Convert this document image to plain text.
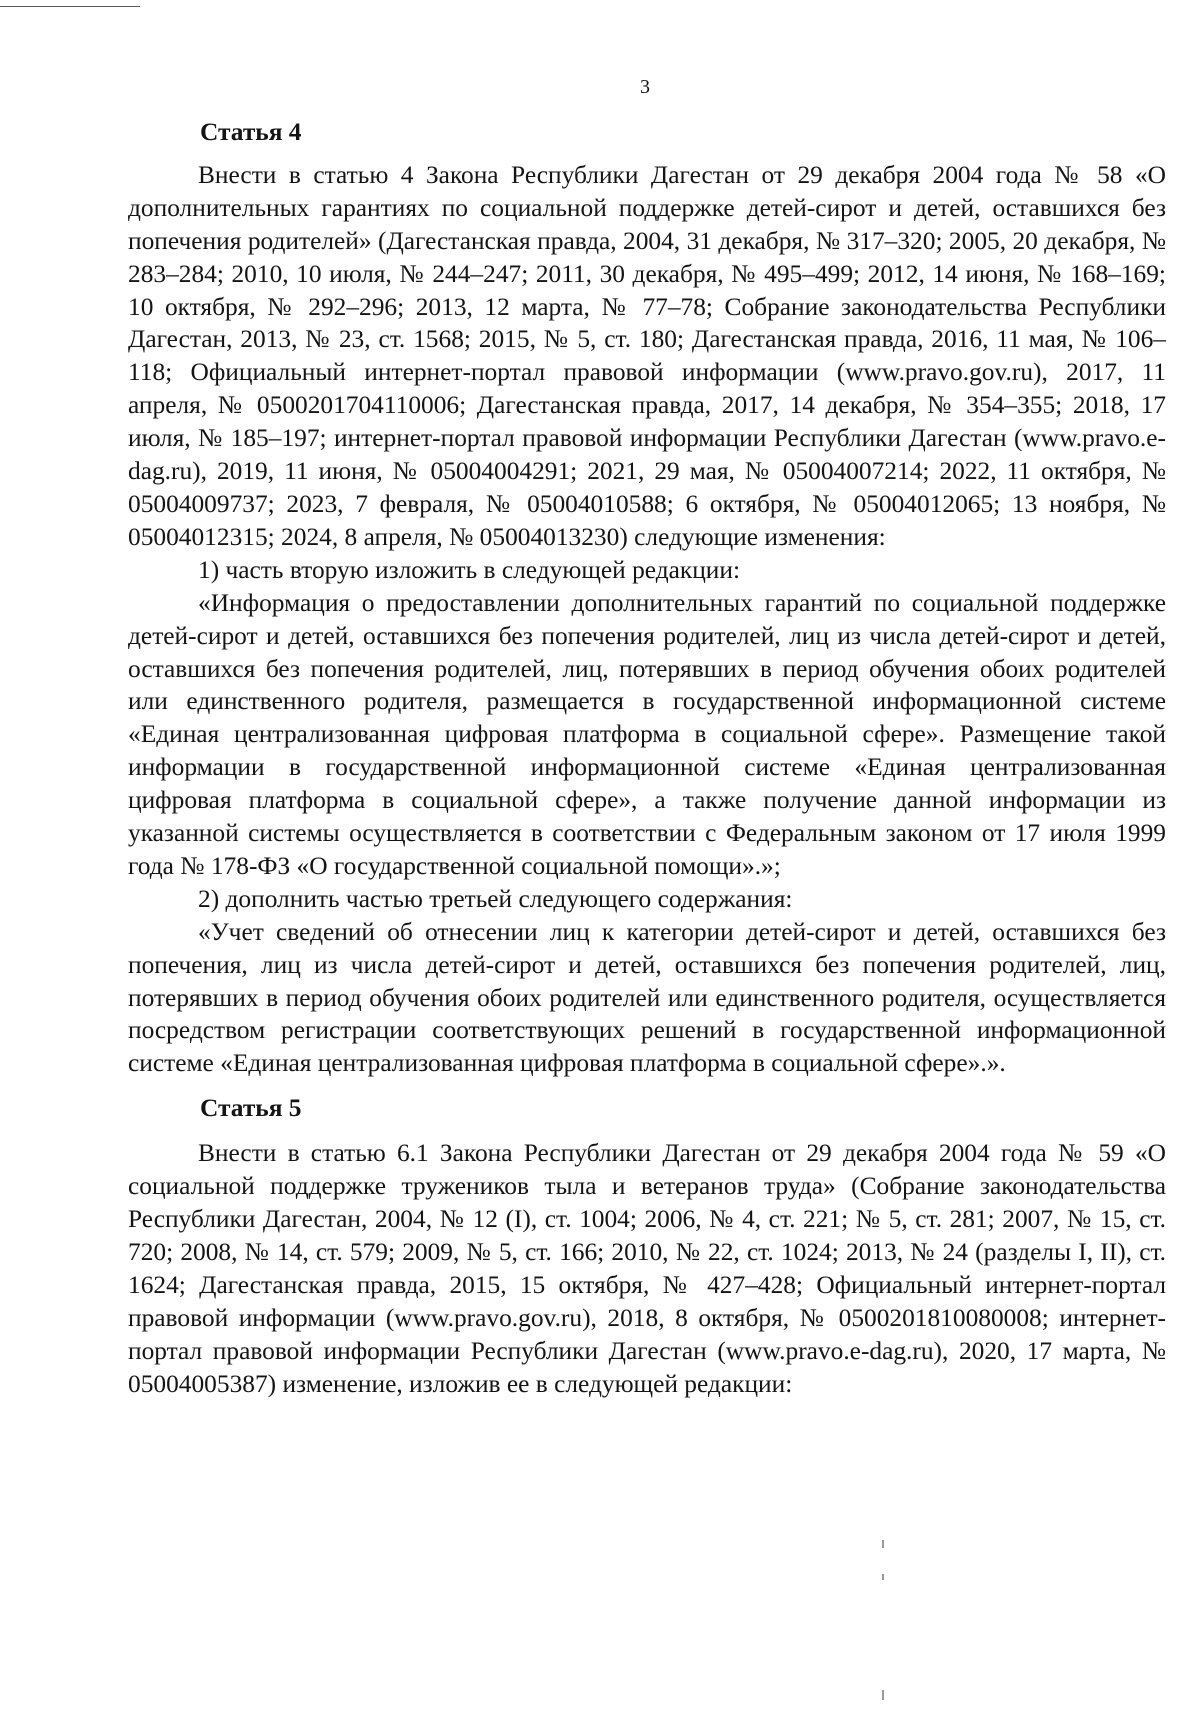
3

Статья 4

Внести в статью 4 Закона Республики Дагестан от 29 декабря 2004 года № 58 «О дополнительных гарантиях по социальной поддержке детей-сирот и детей, оставшихся без попечения родителей» (Дагестанская правда, 2004, 31 декабря, № 317–320; 2005, 20 декабря, № 283–284; 2010, 10 июля, № 244–247; 2011, 30 декабря, № 495–499; 2012, 14 июня, № 168–169; 10 октября, № 292–296; 2013, 12 марта, № 77–78; Собрание законодательства Республики Дагестан, 2013, № 23, ст. 1568; 2015, № 5, ст. 180; Дагестанская правда, 2016, 11 мая, № 106–118; Официальный интернет-портал правовой информации (www.pravo.gov.ru), 2017, 11 апреля, № 0500201704110006; Дагестанская правда, 2017, 14 декабря, № 354–355; 2018, 17 июля, № 185–197; интернет-портал правовой информации Республики Дагестан (www.pravo.e-dag.ru), 2019, 11 июня, № 05004004291; 2021, 29 мая, № 05004007214; 2022, 11 октября, № 05004009737; 2023, 7 февраля, № 05004010588; 6 октября, № 05004012065; 13 ноября, № 05004012315; 2024, 8 апреля, № 05004013230) следующие изменения:

1) часть вторую изложить в следующей редакции:

«Информация о предоставлении дополнительных гарантий по социальной поддержке детей-сирот и детей, оставшихся без попечения родителей, лиц из числа детей-сирот и детей, оставшихся без попечения родителей, лиц, потерявших в период обучения обоих родителей или единственного родителя, размещается в государственной информационной системе «Единая централизованная цифровая платформа в социальной сфере». Размещение такой информации в государственной информационной системе «Единая централизованная цифровая платформа в социальной сфере», а также получение данной информации из указанной системы осуществляется в соответствии с Федеральным законом от 17 июля 1999 года № 178-ФЗ «О государственной социальной помощи».»;

2) дополнить частью третьей следующего содержания:

«Учет сведений об отнесении лиц к категории детей-сирот и детей, оставшихся без попечения, лиц из числа детей-сирот и детей, оставшихся без попечения родителей, лиц, потерявших в период обучения обоих родителей или единственного родителя, осуществляется посредством регистрации соответствующих решений в государственной информационной системе «Единая централизованная цифровая платформа в социальной сфере».».

Статья 5

Внести в статью 6.1 Закона Республики Дагестан от 29 декабря 2004 года № 59 «О социальной поддержке тружеников тыла и ветеранов труда» (Собрание законодательства Республики Дагестан, 2004, № 12 (I), ст. 1004; 2006, № 4, ст. 221; № 5, ст. 281; 2007, № 15, ст. 720; 2008, № 14, ст. 579; 2009, № 5, ст. 166; 2010, № 22, ст. 1024; 2013, № 24 (разделы I, II), ст. 1624; Дагестанская правда, 2015, 15 октября, № 427–428; Официальный интернет-портал правовой информации (www.pravo.gov.ru), 2018, 8 октября, № 0500201810080008; интернет-портал правовой информации Республики Дагестан (www.pravo.e-dag.ru), 2020, 17 марта, № 05004005387) изменение, изложив ее в следующей редакции:
